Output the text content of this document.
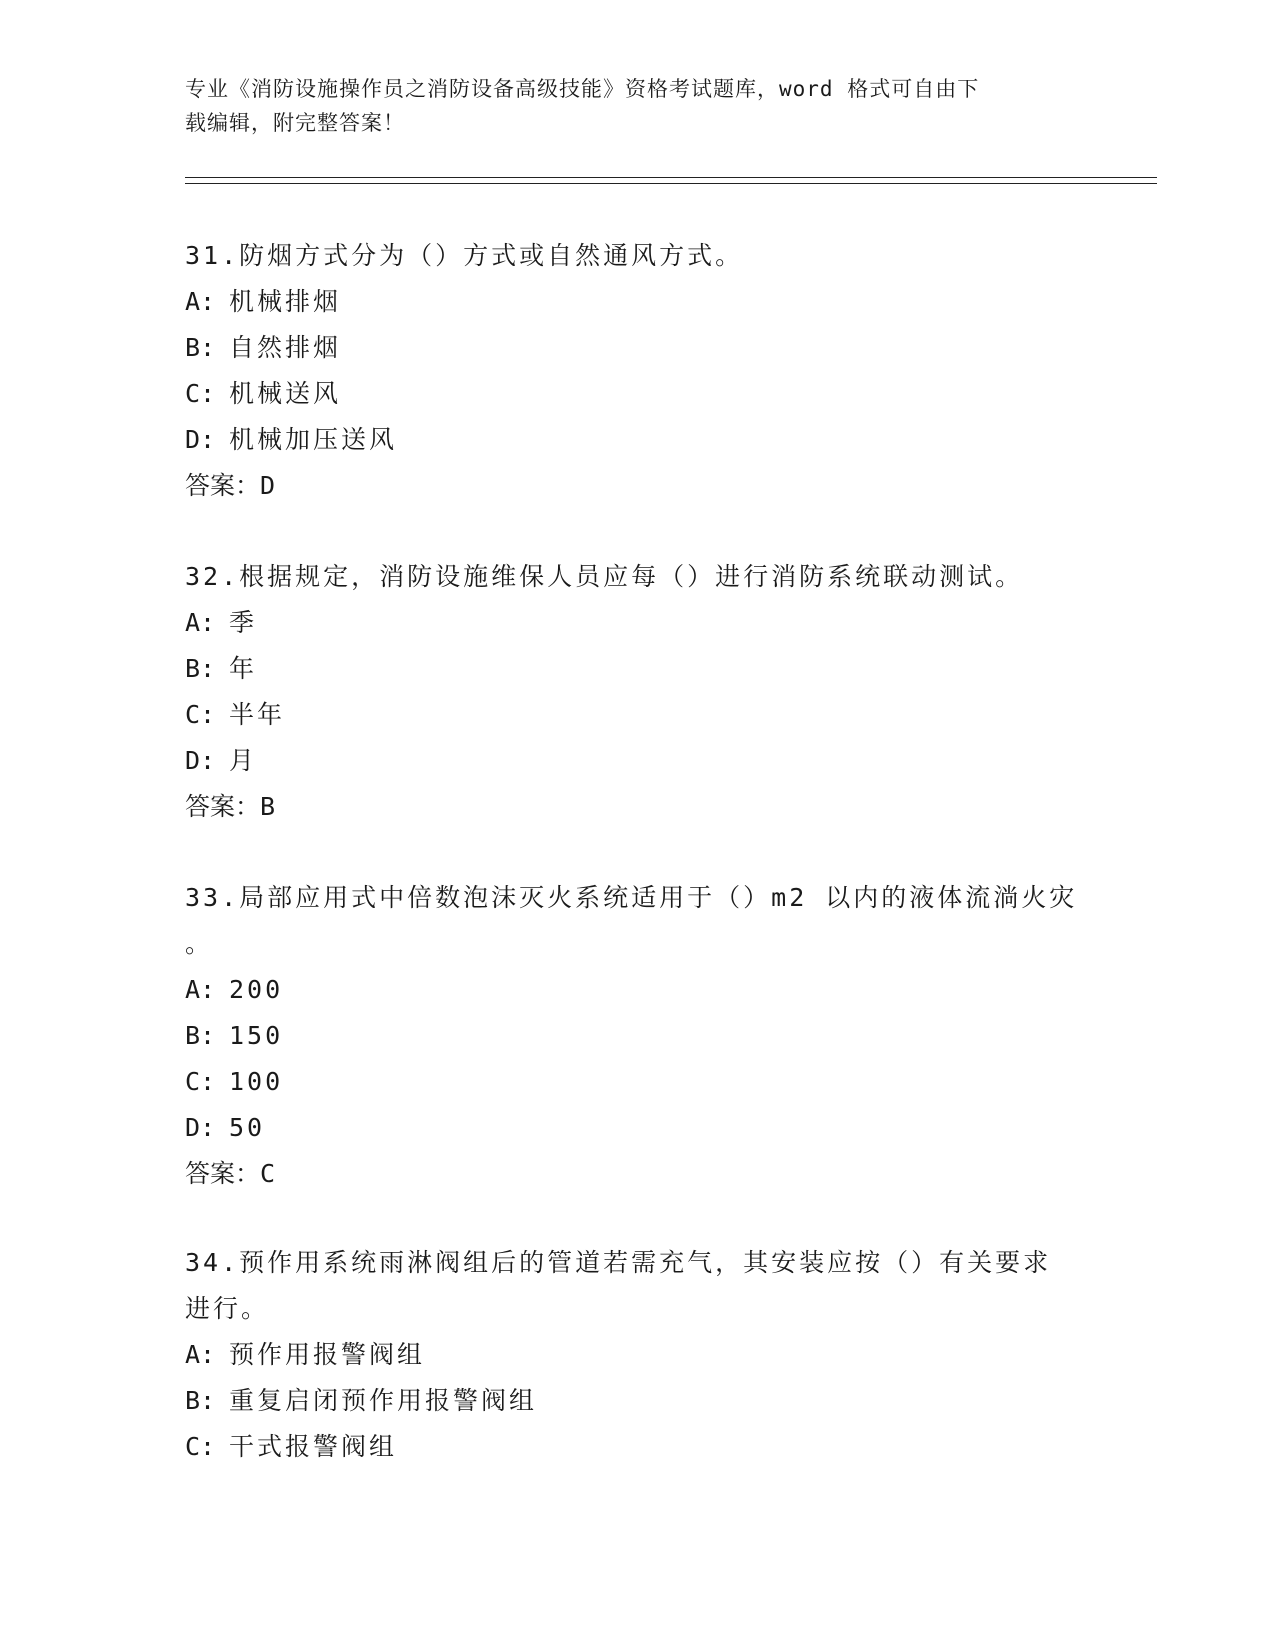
专业《消防设施操作员之消防设备高级技能》资格考试题库，word 格式可自由下
载编辑，附完整答案！
31.防烟方式分为（）方式或自然通风方式。
A: 机械排烟
B: 自然排烟
C: 机械送风
D: 机械加压送风
答案：D
32.根据规定，消防设施维保人员应每（）进行消防系统联动测试。
A: 季
B: 年
C: 半年
D: 月
答案：B
33.局部应用式中倍数泡沫灭火系统适用于（）m2 以内的液体流淌火灾
。
A: 200
B: 150
C: 100
D: 50
答案：C
34.预作用系统雨淋阀组后的管道若需充气，其安装应按（）有关要求
进行。
A: 预作用报警阀组
B: 重复启闭预作用报警阀组
C: 干式报警阀组
